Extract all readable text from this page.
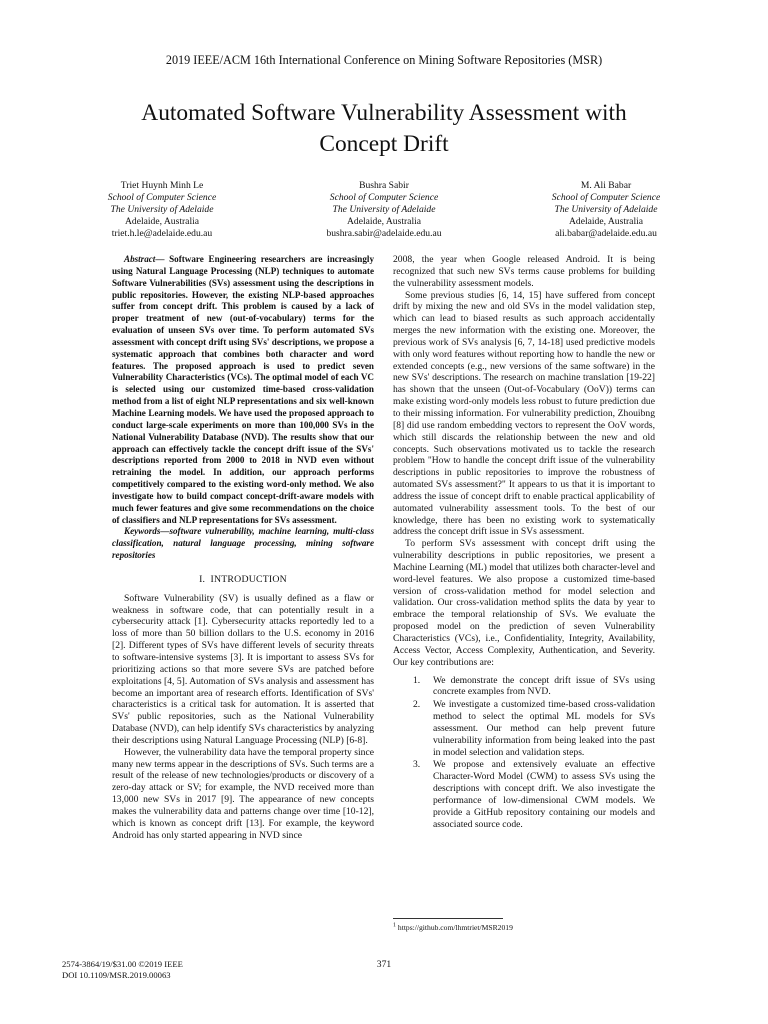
2019 IEEE/ACM 16th International Conference on Mining Software Repositories (MSR)
Automated Software Vulnerability Assessment with
Concept Drift
Triet Huynh Minh Le
School of Computer Science
The University of Adelaide
Adelaide, Australia
triet.h.le@adelaide.edu.au
Bushra Sabir
School of Computer Science
The University of Adelaide
Adelaide, Australia
bushra.sabir@adelaide.edu.au
M. Ali Babar
School of Computer Science
The University of Adelaide
Adelaide, Australia
ali.babar@adelaide.edu.au

Abstract— Software Engineering researchers are increasingly using Natural Language Processing (NLP) techniques to automate Software Vulnerabilities (SVs) assessment using the descriptions in public repositories. However, the existing NLP-based approaches suffer from concept drift. This problem is caused by a lack of proper treatment of new (out-of-vocabulary) terms for the evaluation of unseen SVs over time. To perform automated SVs assessment with concept drift using SVs' descriptions, we propose a systematic approach that combines both character and word features. The proposed approach is used to predict seven Vulnerability Characteristics (VCs). The optimal model of each VC is selected using our customized time-based cross-validation method from a list of eight NLP representations and six well-known Machine Learning models. We have used the proposed approach to conduct large-scale experiments on more than 100,000 SVs in the National Vulnerability Database (NVD). The results show that our approach can effectively tackle the concept drift issue of the SVs' descriptions reported from 2000 to 2018 in NVD even without retraining the model. In addition, our approach performs competitively compared to the existing word-only method. We also investigate how to build compact concept-drift-aware models with much fewer features and give some recommendations on the choice of classifiers and NLP representations for SVs assessment.

Keywords—software vulnerability, machine learning, multi-class classification, natural language processing, mining software repositories

I. INTRODUCTION

Software Vulnerability (SV) is usually defined as a flaw or weakness in software code, that can potentially result in a cybersecurity attack [1]. Cybersecurity attacks reportedly led to a loss of more than 50 billion dollars to the U.S. economy in 2016 [2]. Different types of SVs have different levels of security threats to software-intensive systems [3]. It is important to assess SVs for prioritizing actions so that more severe SVs are patched before exploitations [4, 5]. Automation of SVs analysis and assessment has become an important area of research efforts. Identification of SVs' characteristics is a critical task for automation. It is asserted that SVs' public repositories, such as the National Vulnerability Database (NVD), can help identify SVs characteristics by analyzing their descriptions using Natural Language Processing (NLP) [6-8].

However, the vulnerability data have the temporal property since many new terms appear in the descriptions of SVs. Such terms are a result of the release of new technologies/products or discovery of a zero-day attack or SV; for example, the NVD received more than 13,000 new SVs in 2017 [9]. The appearance of new concepts makes the vulnerability data and patterns change over time [10-12], which is known as concept drift [13]. For example, the keyword Android has only started appearing in NVD since

2008, the year when Google released Android. It is being recognized that such new SVs terms cause problems for building the vulnerability assessment models.

Some previous studies [6, 14, 15] have suffered from concept drift by mixing the new and old SVs in the model validation step, which can lead to biased results as such approach accidentally merges the new information with the existing one. Moreover, the previous work of SVs analysis [6, 7, 14-18] used predictive models with only word features without reporting how to handle the new or extended concepts (e.g., new versions of the same software) in the new SVs' descriptions. The research on machine translation [19-22] has shown that the unseen (Out-of-Vocabulary (OoV)) terms can make existing word-only models less robust to future prediction due to their missing information. For vulnerability prediction, Zhouibng [8] did use random embedding vectors to represent the OoV words, which still discards the relationship between the new and old concepts. Such observations motivated us to tackle the research problem "How to handle the concept drift issue of the vulnerability descriptions in public repositories to improve the robustness of automated SVs assessment?" It appears to us that it is important to address the issue of concept drift to enable practical applicability of automated vulnerability assessment tools. To the best of our knowledge, there has been no existing work to systematically address the concept drift issue in SVs assessment.

To perform SVs assessment with concept drift using the vulnerability descriptions in public repositories, we present a Machine Learning (ML) model that utilizes both character-level and word-level features. We also propose a customized time-based version of cross-validation method for model selection and validation. Our cross-validation method splits the data by year to embrace the temporal relationship of SVs. We evaluate the proposed model on the prediction of seven Vulnerability Characteristics (VCs), i.e., Confidentiality, Integrity, Availability, Access Vector, Access Complexity, Authentication, and Severity. Our key contributions are:

1.	We demonstrate the concept drift issue of SVs using concrete examples from NVD.
2.	We investigate a customized time-based cross-validation method to select the optimal ML models for SVs assessment. Our method can help prevent future vulnerability information from being leaked into the past in model selection and validation steps.
3.	We propose and extensively evaluate an effective Character-Word Model (CWM) to assess SVs using the descriptions with concept drift. We also investigate the performance of low-dimensional CWM models. We provide a GitHub repository containing our models and associated source code.
$^1$ https://github.com/lhmtriet/MSR2019
2574-3864/19/$31.00 ©2019 IEEE
DOI 10.1109/MSR.2019.00063
371
